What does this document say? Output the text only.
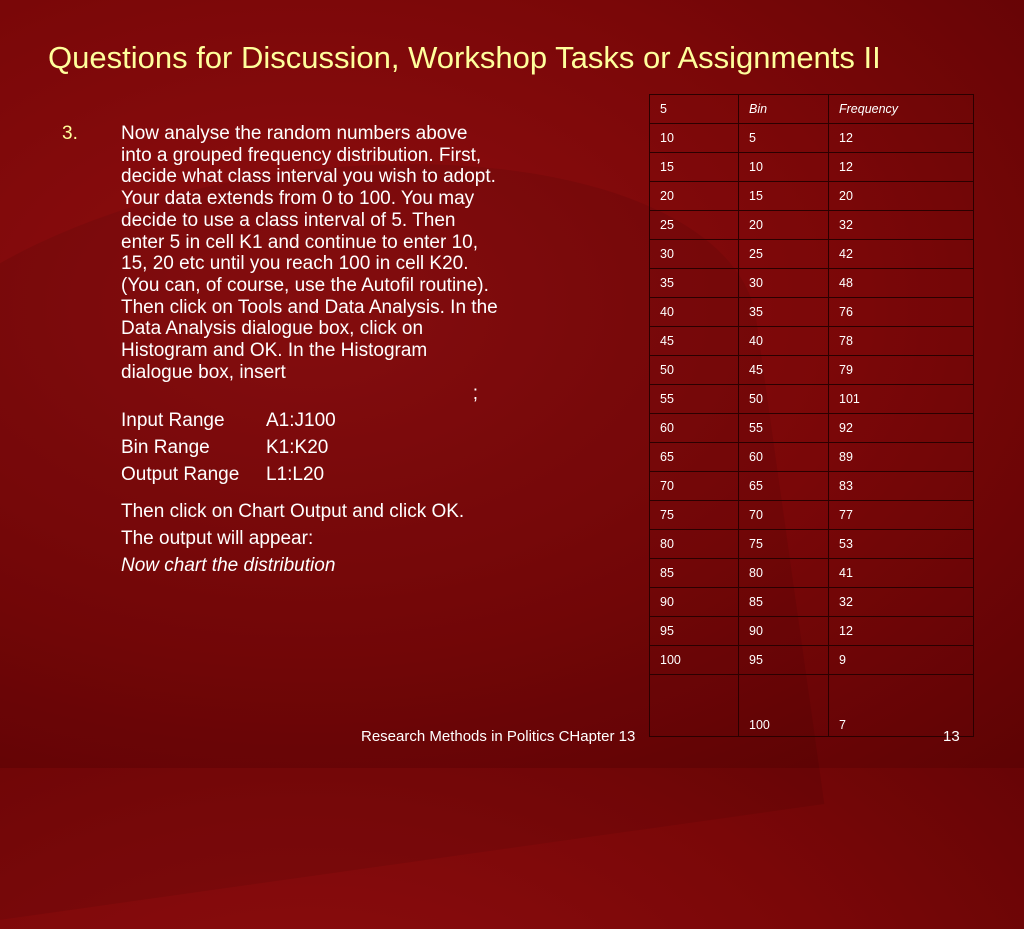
Questions for Discussion, Workshop Tasks or Assignments II
3. Now analyse the random numbers above into a grouped frequency distribution. First, decide what class interval you wish to adopt. Your data extends from 0 to 100. You may decide to use a class interval of 5. Then enter 5 in cell K1 and continue to enter 10, 15, 20 etc until you reach 100 in cell K20. (You can, of course, use the Autofil routine). Then click on Tools and Data Analysis. In the Data Analysis dialogue box, click on Histogram and OK. In the Histogram dialogue box, insert

;

Input Range	A1:J100
Bin Range	K1:K20
Output Range	L1:L20

Then click on Chart Output and click OK.

The output will appear:

Now chart the distribution

5	Bin	Frequency
10	5	12
15	10	12
20	15	20
25	20	32
30	25	42
35	30	48
40	35	76
45	40	78
50	45	79
55	50	101
60	55	92
65	60	89
70	65	83
75	70	77
80	75	53
85	80	41
90	85	32
95	90	12
100	95	9
	100	7
Research Methods in Politics CHapter 13	13
